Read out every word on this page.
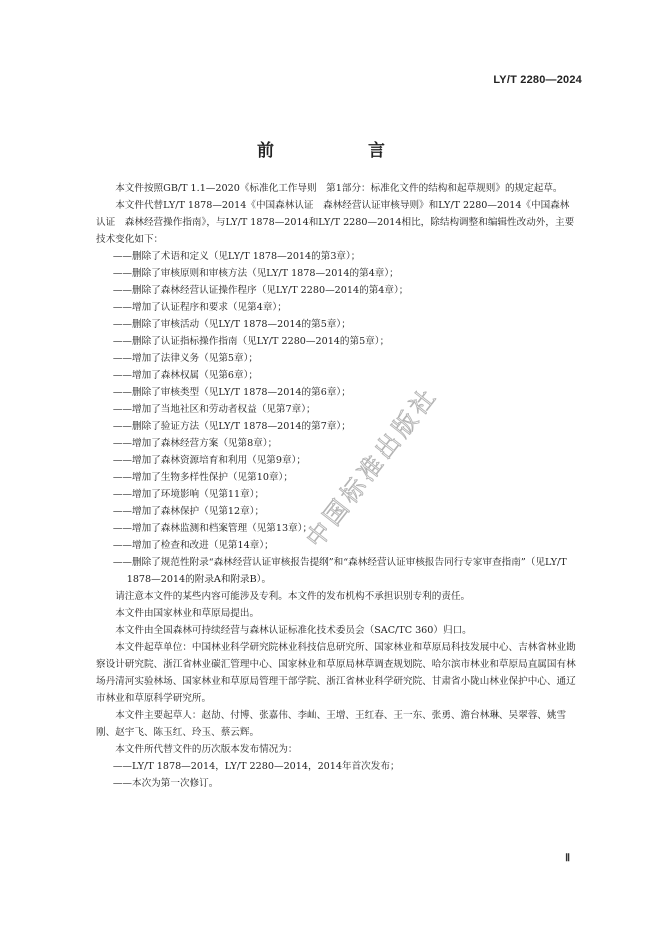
LY/T 2280—2024
前　　言

本文件按照GB/T 1.1—2020《标准化工作导则　第1部分：标准化文件的结构和起草规则》的规定起草。

本文件代替LY/T 1878—2014《中国森林认证　森林经营认证审核导则》和LY/T 2280—2014《中国森林认证　森林经营操作指南》，与LY/T 1878—2014和LY/T 2280—2014相比，除结构调整和编辑性改动外，主要技术变化如下：

——删除了术语和定义（见LY/T 1878—2014的第3章）；

——删除了审核原则和审核方法（见LY/T 1878—2014的第4章）；

——删除了森林经营认证操作程序（见LY/T 2280—2014的第4章）；

——增加了认证程序和要求（见第4章）；

——删除了审核活动（见LY/T 1878—2014的第5章）；

——删除了认证指标操作指南（见LY/T 2280—2014的第5章）；

——增加了法律义务（见第5章）；

——增加了森林权属（见第6章）；

——删除了审核类型（见LY/T 1878—2014的第6章）；

——增加了当地社区和劳动者权益（见第7章）；

——删除了验证方法（见LY/T 1878—2014的第7章）；

——增加了森林经营方案（见第8章）；

——增加了森林资源培育和利用（见第9章）；

——增加了生物多样性保护（见第10章）；

——增加了环境影响（见第11章）；

——增加了森林保护（见第12章）；

——增加了森林监测和档案管理（见第13章）；

——增加了检查和改进（见第14章）；

——删除了规范性附录“森林经营认证审核报告提纲”和“森林经营认证审核报告同行专家审查指南”（见LY/T 1878—2014的附录A和附录B）。

请注意本文件的某些内容可能涉及专利。本文件的发布机构不承担识别专利的责任。

本文件由国家林业和草原局提出。

本文件由全国森林可持续经营与森林认证标准化技术委员会（SAC/TC 360）归口。

本文件起草单位：中国林业科学研究院林业科技信息研究所、国家林业和草原局科技发展中心、吉林省林业勘察设计研究院、浙江省林业碳汇管理中心、国家林业和草原局林草调查规划院、哈尔滨市林业和草原局直属国有林场丹清河实验林场、国家林业和草原局管理干部学院、浙江省林业科学研究院、甘肃省小陇山林业保护中心、通辽市林业和草原科学研究所。

本文件主要起草人：赵劼、付博、张嘉伟、李屾、王增、王红春、王一东、张勇、澹台林琳、吴翠蓉、姚雪刚、赵宇飞、陈玉红、玲玉、蔡云辉。

本文件所代替文件的历次版本发布情况为：

——LY/T 1878—2014，LY/T 2280—2014，2014年首次发布；

——本次为第一次修订。

中国标准出版社
Ⅱ
